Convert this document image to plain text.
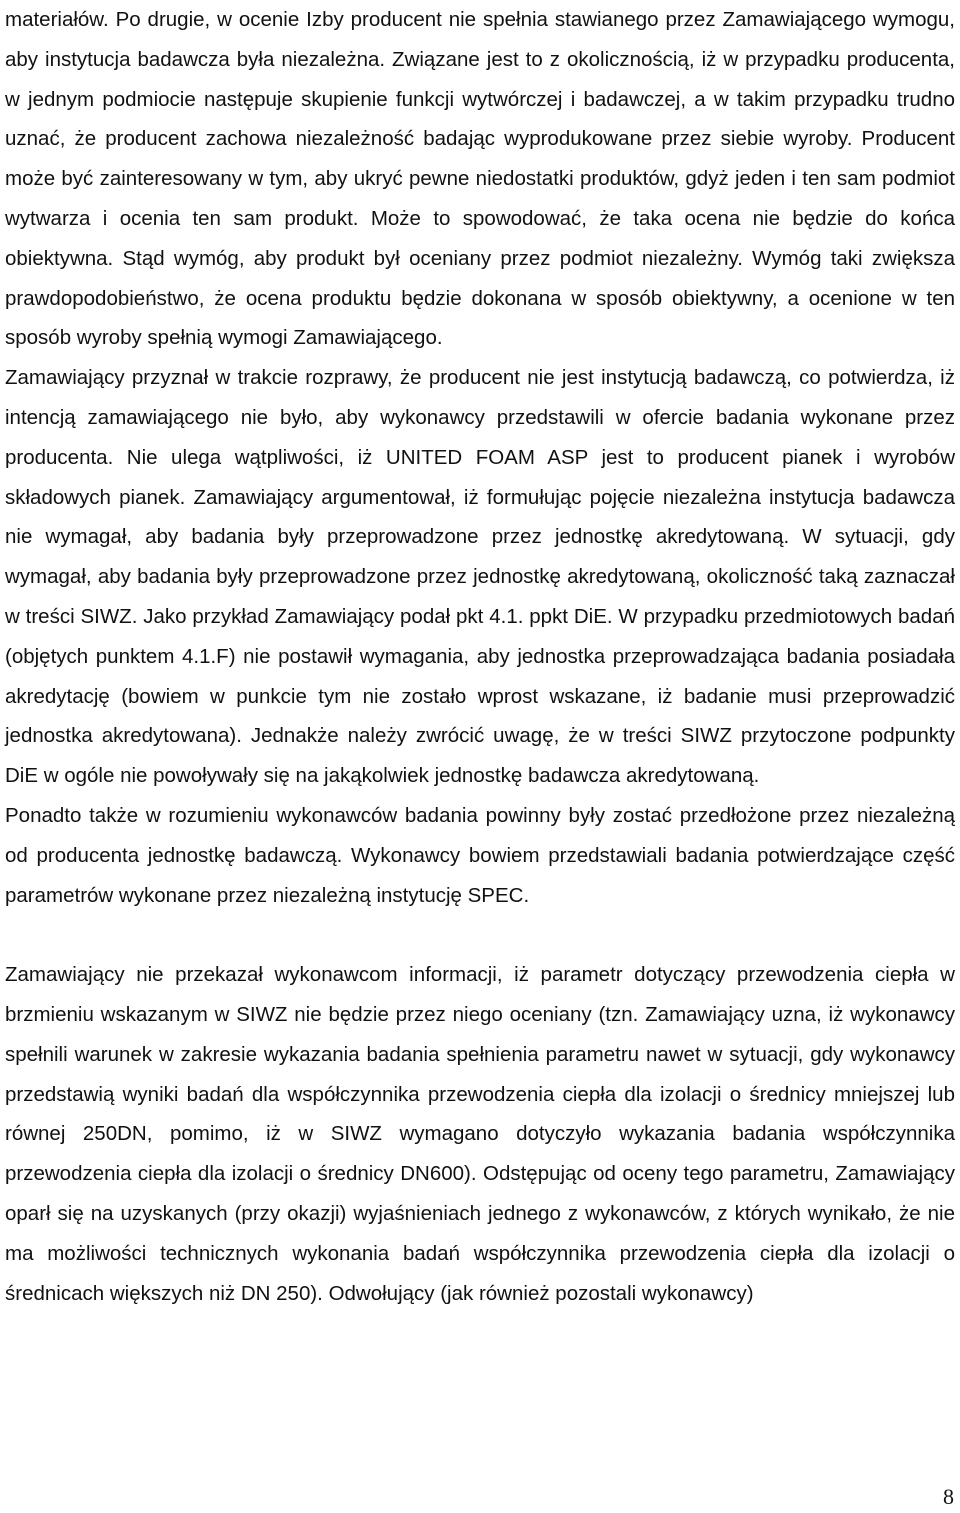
materiałów. Po drugie, w ocenie Izby producent nie spełnia stawianego przez Zamawiającego wymogu, aby instytucja badawcza była niezależna. Związane jest to z okolicznością, iż w przypadku producenta, w jednym podmiocie następuje skupienie funkcji wytwórczej i badawczej, a w takim przypadku trudno uznać, że producent zachowa niezależność badając wyprodukowane przez siebie wyroby. Producent może być zainteresowany w tym, aby ukryć pewne niedostatki produktów, gdyż jeden i ten sam podmiot wytwarza i ocenia ten sam produkt. Może to spowodować, że taka ocena nie będzie do końca obiektywna. Stąd wymóg, aby produkt był oceniany przez podmiot niezależny. Wymóg taki zwiększa prawdopodobieństwo, że ocena produktu będzie dokonana w sposób obiektywny, a ocenione w ten sposób wyroby spełnią wymogi Zamawiającego.

Zamawiający przyznał w trakcie rozprawy, że producent nie jest instytucją badawczą, co potwierdza, iż intencją zamawiającego nie było, aby wykonawcy przedstawili w ofercie badania wykonane przez producenta. Nie ulega wątpliwości, iż UNITED FOAM ASP jest to producent pianek i wyrobów składowych pianek. Zamawiający argumentował, iż formułując pojęcie niezależna instytucja badawcza nie wymagał, aby badania były przeprowadzone przez jednostkę akredytowaną. W sytuacji, gdy wymagał, aby badania były przeprowadzone przez jednostkę akredytowaną, okoliczność taką zaznaczał w treści SIWZ. Jako przykład Zamawiający podał pkt 4.1. ppkt DiE. W przypadku przedmiotowych badań (objętych punktem 4.1.F) nie postawił wymagania, aby jednostka przeprowadzająca badania posiadała akredytację (bowiem w punkcie tym nie zostało wprost wskazane, iż badanie musi przeprowadzić jednostka akredytowana). Jednakże należy zwrócić uwagę, że w treści SIWZ przytoczone podpunkty DiE w ogóle nie powoływały się na jakąkolwiek jednostkę badawcza akredytowaną.

Ponadto także w rozumieniu wykonawców badania powinny były zostać przedłożone przez niezależną od producenta jednostkę badawczą. Wykonawcy bowiem przedstawiali badania potwierdzające część parametrów wykonane przez niezależną instytucję SPEC.

Zamawiający nie przekazał wykonawcom informacji, iż parametr dotyczący przewodzenia ciepła w brzmieniu wskazanym w SIWZ nie będzie przez niego oceniany (tzn. Zamawiający uzna, iż wykonawcy spełnili warunek w zakresie wykazania badania spełnienia parametru nawet w sytuacji, gdy wykonawcy przedstawią wyniki badań dla współczynnika przewodzenia ciepła dla izolacji o średnicy mniejszej lub równej 250DN, pomimo, iż w SIWZ wymagano dotyczyło wykazania badania współczynnika przewodzenia ciepła dla izolacji o średnicy DN600). Odstępując od oceny tego parametru, Zamawiający oparł się na uzyskanych (przy okazji) wyjaśnieniach jednego z wykonawców, z których wynikało, że nie ma możliwości technicznych wykonania badań współczynnika przewodzenia ciepła dla izolacji o średnicach większych niż DN 250). Odwołujący (jak również pozostali wykonawcy)

8
